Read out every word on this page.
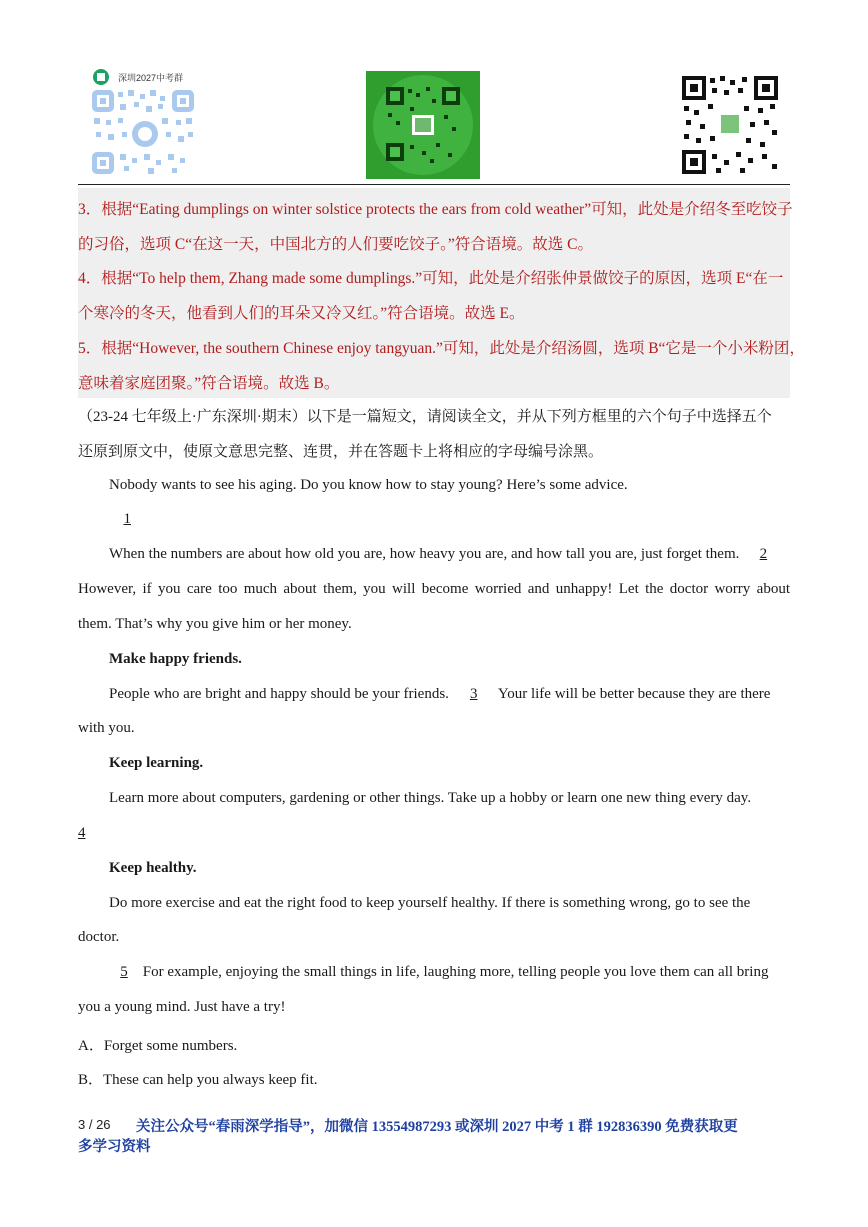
深圳2027中考群
3．根据“Eating dumplings on winter solstice protects the ears from cold weather”可知，此处是介绍冬至吃饺子
的习俗，选项 C“在这一天，中国北方的人们要吃饺子。”符合语境。故选 C。
4．根据“To help them, Zhang made some dumplings.”可知，此处是介绍张仲景做饺子的原因，选项 E“在一
个寒冷的冬天，他看到人们的耳朵又冷又红。”符合语境。故选 E。
5．根据“However, the southern Chinese enjoy tangyuan.”可知，此处是介绍汤圆，选项 B“它是一个小米粉团，
意味着家庭团聚。”符合语境。故选 B。
（23-24 七年级上·广东深圳·期末）以下是一篇短文，请阅读全文，并从下列方框里的六个句子中选择五个
还原到原文中，使原文意思完整、连贯，并在答题卡上将相应的字母编号涂黑。
Nobody wants to see his aging. Do you know how to stay young? Here’s some advice.
1
When the numbers are about how old you are, how heavy you are, and how tall you are, just forget them. 2
However, if you care too much about them, you will become worried and unhappy! Let the doctor worry about
them. That’s why you give him or her money.
Make happy friends.
People who are bright and happy should be your friends. 3 Your life will be better because they are there
with you.
Keep learning.
Learn more about computers, gardening or other things. Take up a hobby or learn one new thing every day.
4
Keep healthy.
Do more exercise and eat the right food to keep yourself healthy. If there is something wrong, go to see the
doctor.
5 For example, enjoying the small things in life, laughing more, telling people you love them can all bring
you a young mind. Just have a try!
A．Forget some numbers.
B．These can help you always keep fit.
3 / 26 关注公众号“春雨深学指导”，加微信 13554987293 或深圳 2027 中考 1 群 192836390 免费获取更
多学习资料
